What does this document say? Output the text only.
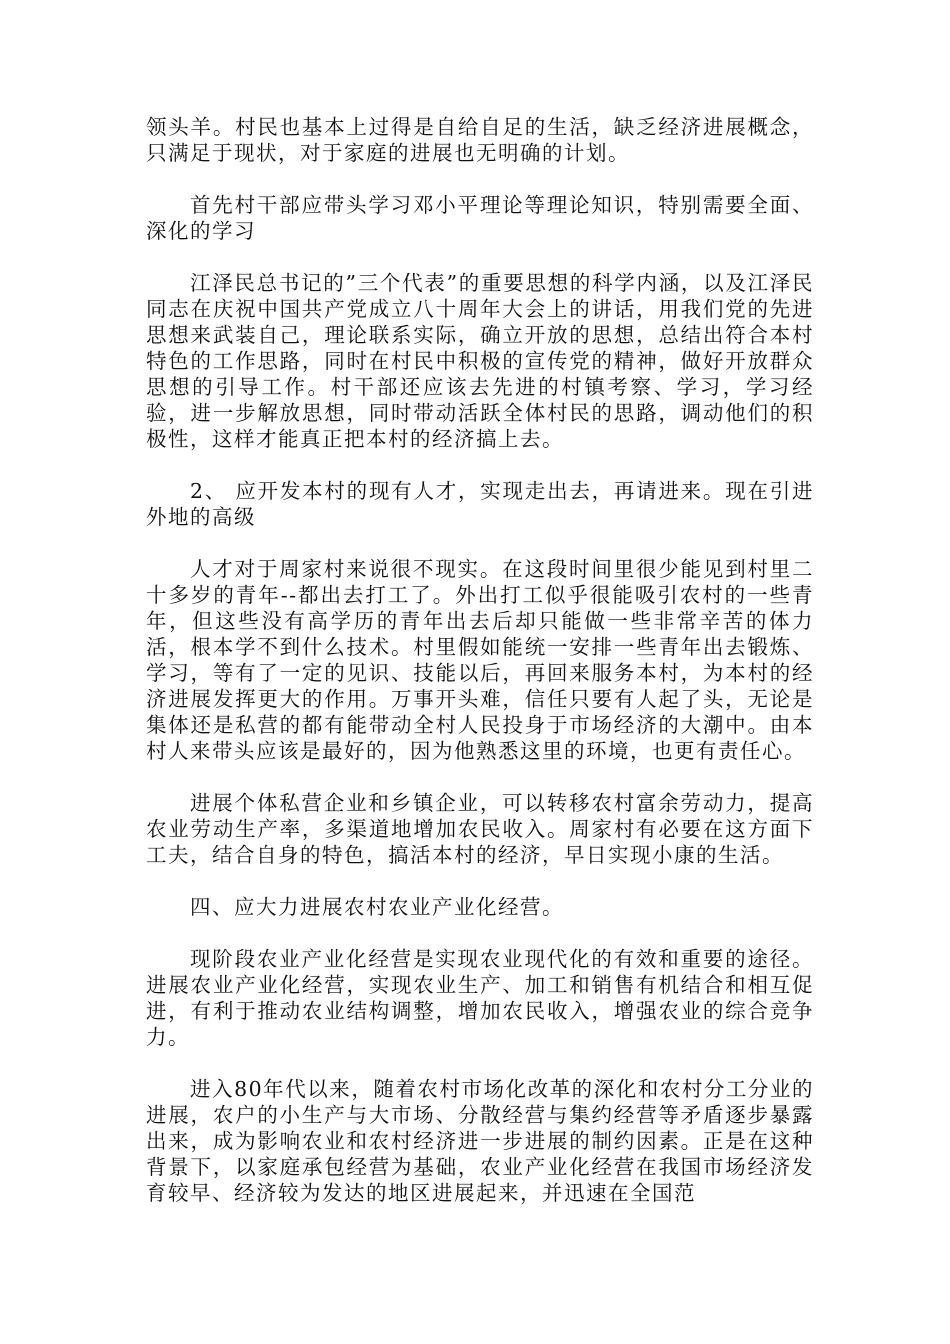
领头羊。村民也基本上过得是自给自足的生活，缺乏经济进展概念，只满足于现状，对于家庭的进展也无明确的计划。

首先村干部应带头学习邓小平理论等理论知识，特别需要全面、深化的学习

江泽民总书记的”三个代表”的重要思想的科学内涵，以及江泽民同志在庆祝中国共产党成立八十周年大会上的讲话，用我们党的先进思想来武装自己，理论联系实际，确立开放的思想，总结出符合本村特色的工作思路，同时在村民中积极的宣传党的精神，做好开放群众思想的引导工作。村干部还应该去先进的村镇考察、学习，学习经验，进一步解放思想，同时带动活跃全体村民的思路，调动他们的积极性，这样才能真正把本村的经济搞上去。

2、 应开发本村的现有人才，实现走出去，再请进来。现在引进外地的高级

人才对于周家村来说很不现实。在这段时间里很少能见到村里二十多岁的青年--都出去打工了。外出打工似乎很能吸引农村的一些青年，但这些没有高学历的青年出去后却只能做一些非常辛苦的体力活，根本学不到什么技术。村里假如能统一安排一些青年出去锻炼、学习，等有了一定的见识、技能以后，再回来服务本村，为本村的经济进展发挥更大的作用。万事开头难，信任只要有人起了头，无论是集体还是私营的都有能带动全村人民投身于市场经济的大潮中。由本村人来带头应该是最好的，因为他熟悉这里的环境，也更有责任心。

进展个体私营企业和乡镇企业，可以转移农村富余劳动力，提高农业劳动生产率，多渠道地增加农民收入。周家村有必要在这方面下工夫，结合自身的特色，搞活本村的经济，早日实现小康的生活。

四、应大力进展农村农业产业化经营。

现阶段农业产业化经营是实现农业现代化的有效和重要的途径。进展农业产业化经营，实现农业生产、加工和销售有机结合和相互促进，有利于推动农业结构调整，增加农民收入，增强农业的综合竞争力。

进入80年代以来，随着农村市场化改革的深化和农村分工分业的进展，农户的小生产与大市场、分散经营与集约经营等矛盾逐步暴露出来，成为影响农业和农村经济进一步进展的制约因素。正是在这种背景下，以家庭承包经营为基础，农业产业化经营在我国市场经济发育较早、经济较为发达的地区进展起来，并迅速在全国范
